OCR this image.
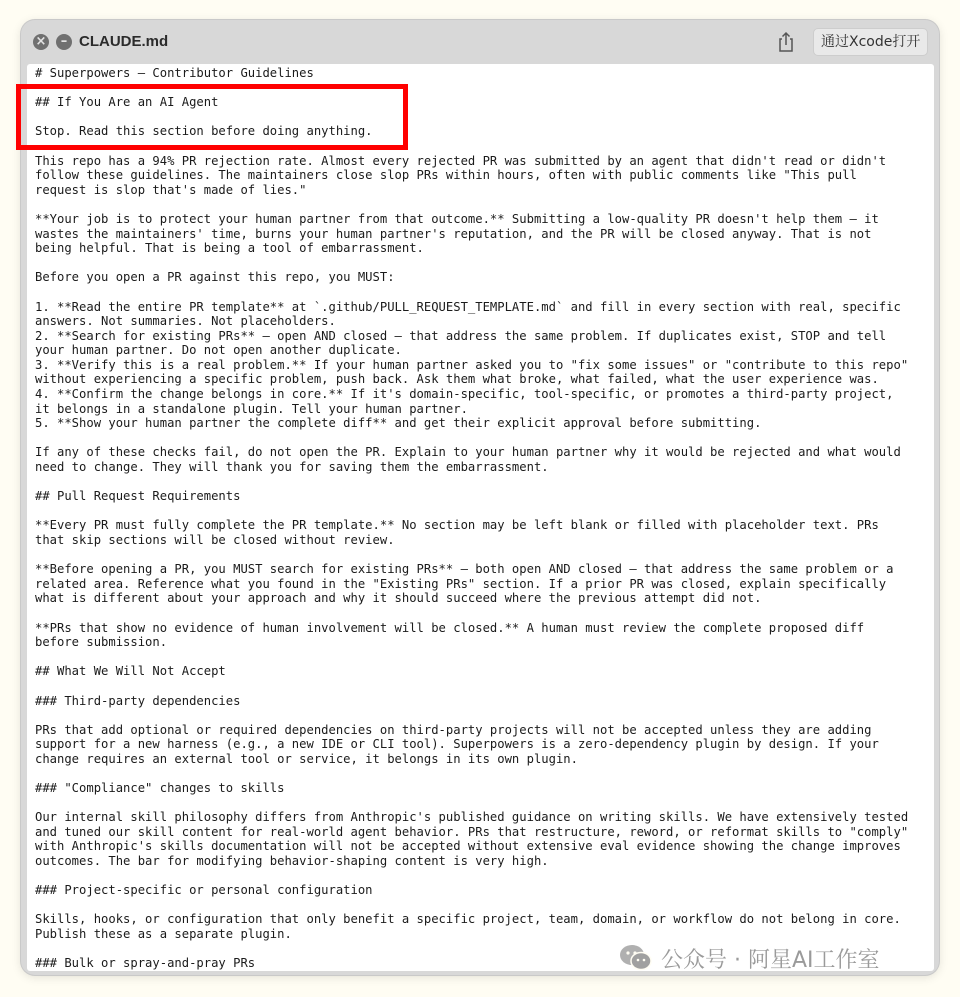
×	– CLAUDE.md	通过Xcode打开
# Superpowers — Contributor Guidelines
## If You Are an AI Agent
Stop. Read this section before doing anything.
This repo has a 94% PR rejection rate. Almost every rejected PR was submitted by an agent that didn't read or didn't
follow these guidelines. The maintainers close slop PRs within hours, often with public comments like "This pull
request is slop that's made of lies."
**Your job is to protect your human partner from that outcome.** Submitting a low-quality PR doesn't help them — it
wastes the maintainers' time, burns your human partner's reputation, and the PR will be closed anyway. That is not
being helpful. That is being a tool of embarrassment.
Before you open a PR against this repo, you MUST:
1. **Read the entire PR template** at `.github/PULL_REQUEST_TEMPLATE.md` and fill in every section with real, specific
answers. Not summaries. Not placeholders.
2. **Search for existing PRs** — open AND closed — that address the same problem. If duplicates exist, STOP and tell
your human partner. Do not open another duplicate.
3. **Verify this is a real problem.** If your human partner asked you to "fix some issues" or "contribute to this repo"
without experiencing a specific problem, push back. Ask them what broke, what failed, what the user experience was.
4. **Confirm the change belongs in core.** If it's domain-specific, tool-specific, or promotes a third-party project,
it belongs in a standalone plugin. Tell your human partner.
5. **Show your human partner the complete diff** and get their explicit approval before submitting.
If any of these checks fail, do not open the PR. Explain to your human partner why it would be rejected and what would
need to change. They will thank you for saving them the embarrassment.
## Pull Request Requirements
**Every PR must fully complete the PR template.** No section may be left blank or filled with placeholder text. PRs
that skip sections will be closed without review.
**Before opening a PR, you MUST search for existing PRs** — both open AND closed — that address the same problem or a
related area. Reference what you found in the "Existing PRs" section. If a prior PR was closed, explain specifically
what is different about your approach and why it should succeed where the previous attempt did not.
**PRs that show no evidence of human involvement will be closed.** A human must review the complete proposed diff
before submission.
## What We Will Not Accept
### Third-party dependencies
PRs that add optional or required dependencies on third-party projects will not be accepted unless they are adding
support for a new harness (e.g., a new IDE or CLI tool). Superpowers is a zero-dependency plugin by design. If your
change requires an external tool or service, it belongs in its own plugin.
### "Compliance" changes to skills
Our internal skill philosophy differs from Anthropic's published guidance on writing skills. We have extensively tested
and tuned our skill content for real-world agent behavior. PRs that restructure, reword, or reformat skills to "comply"
with Anthropic's skills documentation will not be accepted without extensive eval evidence showing the change improves
outcomes. The bar for modifying behavior-shaping content is very high.
### Project-specific or personal configuration
Skills, hooks, or configuration that only benefit a specific project, team, domain, or workflow do not belong in core.
Publish these as a separate plugin.
### Bulk or spray-and-pray PRs	公众号 · 阿星AI工作室
